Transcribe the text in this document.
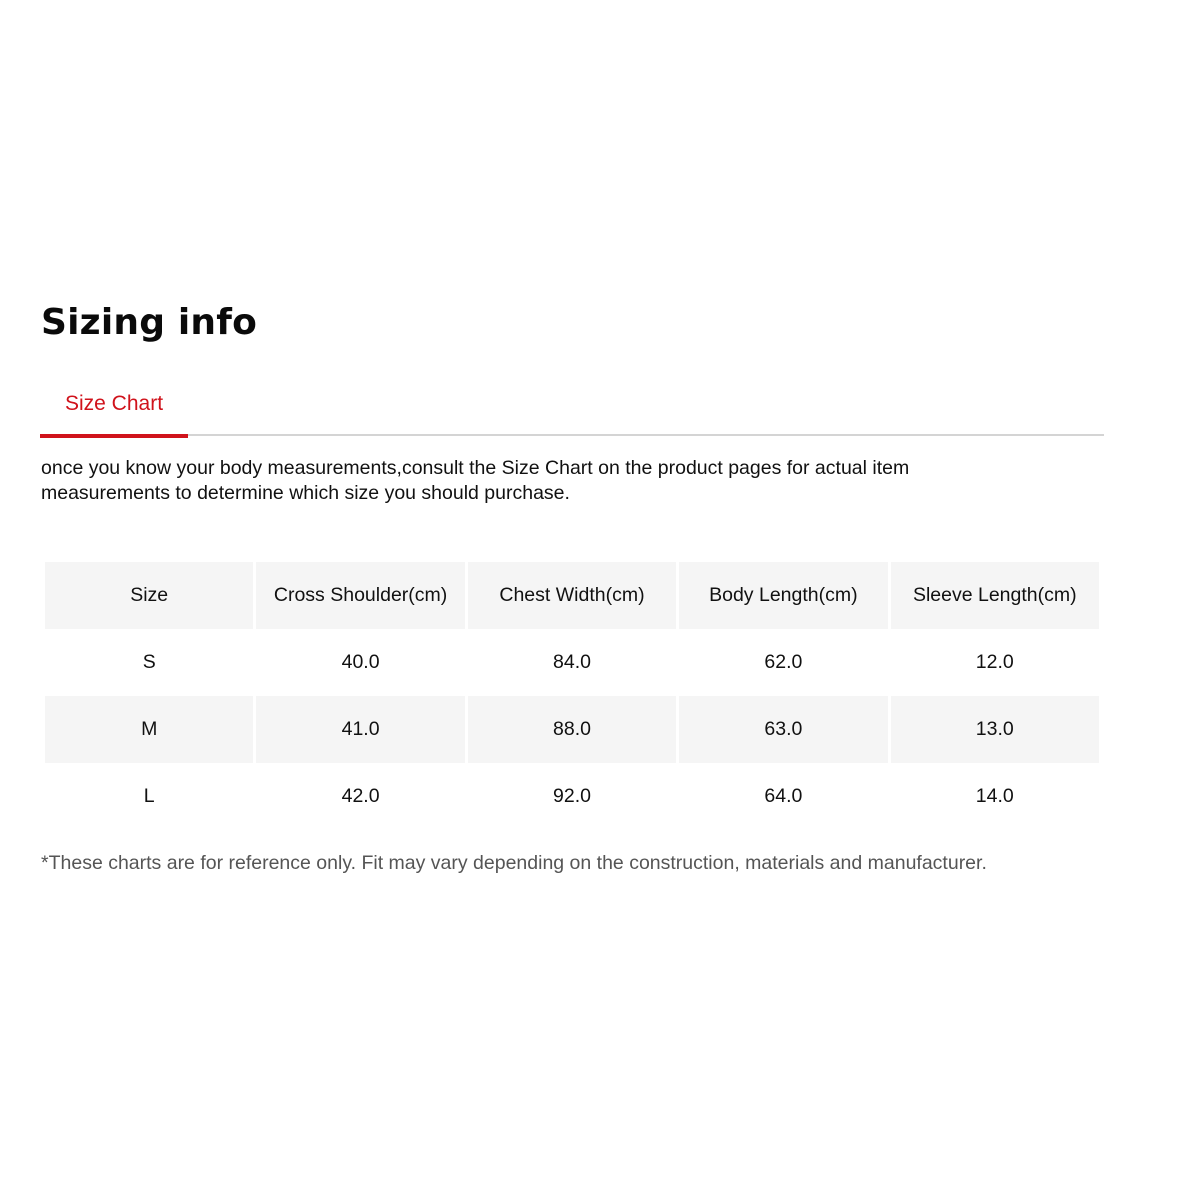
Sizing info
Size Chart

once you know your body measurements,consult the Size Chart on the product pages for actual item
measurements to determine which size you should purchase.

Size	Cross Shoulder(cm)	Chest Width(cm)	Body Length(cm)	Sleeve Length(cm)
S	40.0	84.0	62.0	12.0
M	41.0	88.0	63.0	13.0
L	42.0	92.0	64.0	14.0

*These charts are for reference only. Fit may vary depending on the construction, materials and manufacturer.
